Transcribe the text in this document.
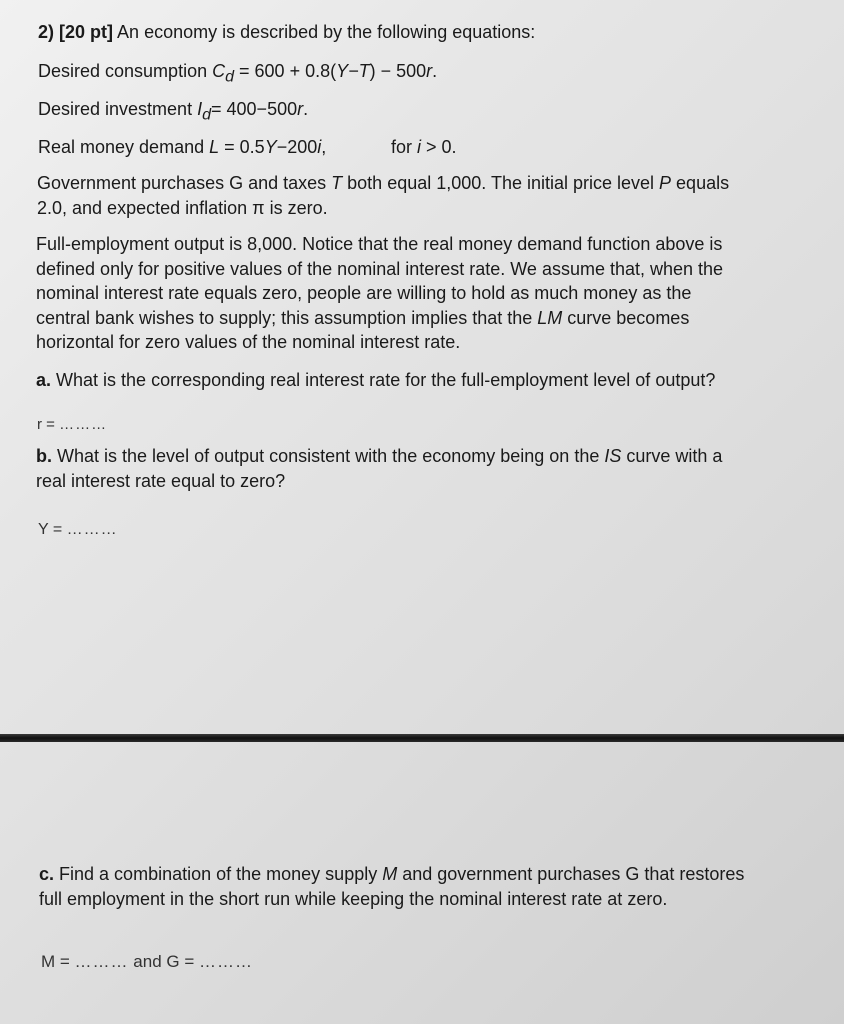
2) [20 pt] An economy is described by the following equations:
Desired consumption $C_d = 600 + 0.8(Y-T) - 500r$.
Desired investment $I_d= 400-500r$.
Real money demand L = 0.5Y−200i,	for i > 0.
Government purchases G and taxes T both equal 1,000. The initial price level P equals
2.0, and expected inflation π is zero.
Full-employment output is 8,000. Notice that the real money demand function above is
defined only for positive values of the nominal interest rate. We assume that, when the
nominal interest rate equals zero, people are willing to hold as much money as the
central bank wishes to supply; this assumption implies that the LM curve becomes
horizontal for zero values of the nominal interest rate.
a. What is the corresponding real interest rate for the full-employment level of output?
r = ………
b. What is the level of output consistent with the economy being on the IS curve with a
real interest rate equal to zero?
Y = ………
c. Find a combination of the money supply M and government purchases G that restores
full employment in the short run while keeping the nominal interest rate at zero.
M = ……… and G = ………
